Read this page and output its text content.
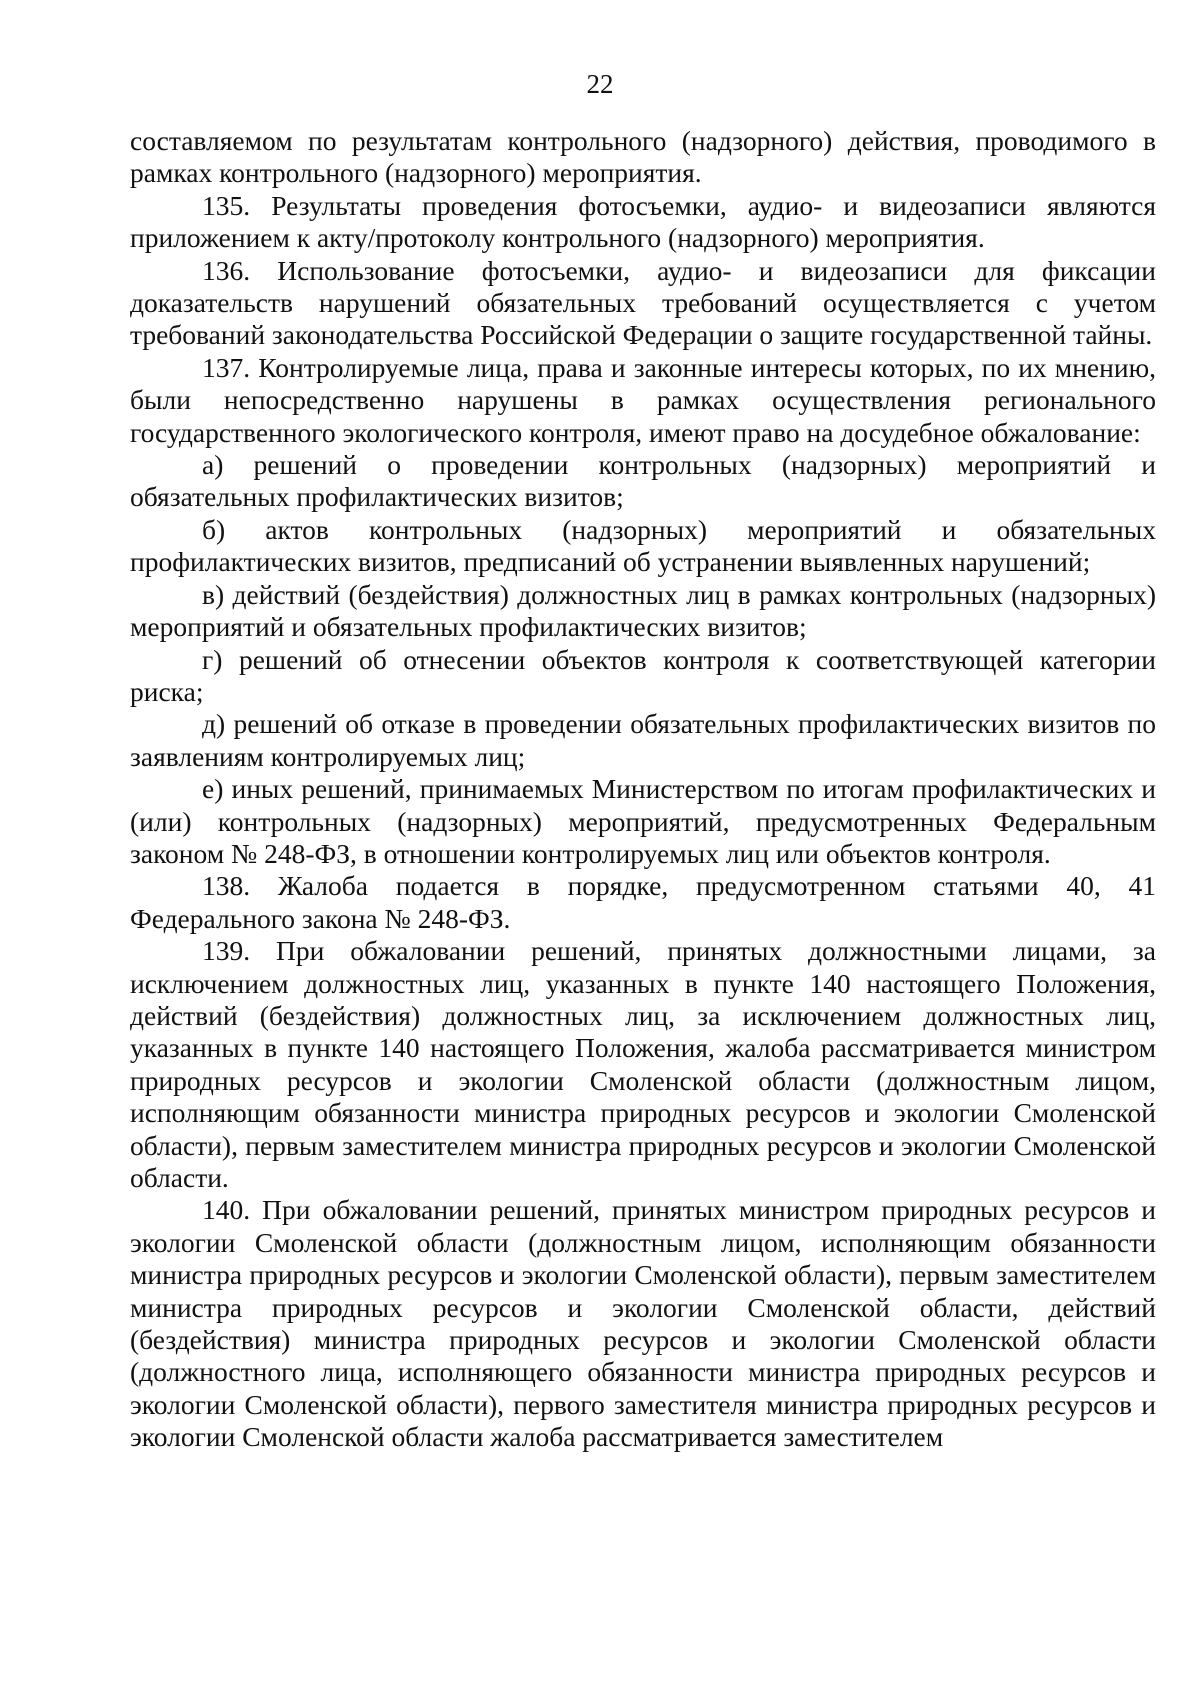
22

составляемом по результатам контрольного (надзорного) действия, проводимого в рамках контрольного (надзорного) мероприятия.

135. Результаты проведения фотосъемки, аудио- и видеозаписи являются приложением к акту/протоколу контрольного (надзорного) мероприятия.

136. Использование фотосъемки, аудио- и видеозаписи для фиксации доказательств нарушений обязательных требований осуществляется с учетом требований законодательства Российской Федерации о защите государственной тайны.

137. Контролируемые лица, права и законные интересы которых, по их мнению, были непосредственно нарушены в рамках осуществления регионального государственного экологического контроля, имеют право на досудебное обжалование:

а) решений о проведении контрольных (надзорных) мероприятий и обязательных профилактических визитов;

б) актов контрольных (надзорных) мероприятий и обязательных профилактических визитов, предписаний об устранении выявленных нарушений;

в) действий (бездействия) должностных лиц в рамках контрольных (надзорных) мероприятий и обязательных профилактических визитов;

г) решений об отнесении объектов контроля к соответствующей категории риска;

д) решений об отказе в проведении обязательных профилактических визитов по заявлениям контролируемых лиц;

е) иных решений, принимаемых Министерством по итогам профилактических и (или) контрольных (надзорных) мероприятий, предусмотренных Федеральным законом № 248-ФЗ, в отношении контролируемых лиц или объектов контроля.

138. Жалоба подается в порядке, предусмотренном статьями 40, 41 Федерального закона № 248-ФЗ.

139. При обжаловании решений, принятых должностными лицами, за исключением должностных лиц, указанных в пункте 140 настоящего Положения, действий (бездействия) должностных лиц, за исключением должностных лиц, указанных в пункте 140 настоящего Положения, жалоба рассматривается министром природных ресурсов и экологии Смоленской области (должностным лицом, исполняющим обязанности министра природных ресурсов и экологии Смоленской области), первым заместителем министра природных ресурсов и экологии Смоленской области.

140. При обжаловании решений, принятых министром природных ресурсов и экологии Смоленской области (должностным лицом, исполняющим обязанности министра природных ресурсов и экологии Смоленской области), первым заместителем министра природных ресурсов и экологии Смоленской области, действий (бездействия) министра природных ресурсов и экологии Смоленской области (должностного лица, исполняющего обязанности министра природных ресурсов и экологии Смоленской области), первого заместителя министра природных ресурсов и экологии Смоленской области жалоба рассматривается заместителем
